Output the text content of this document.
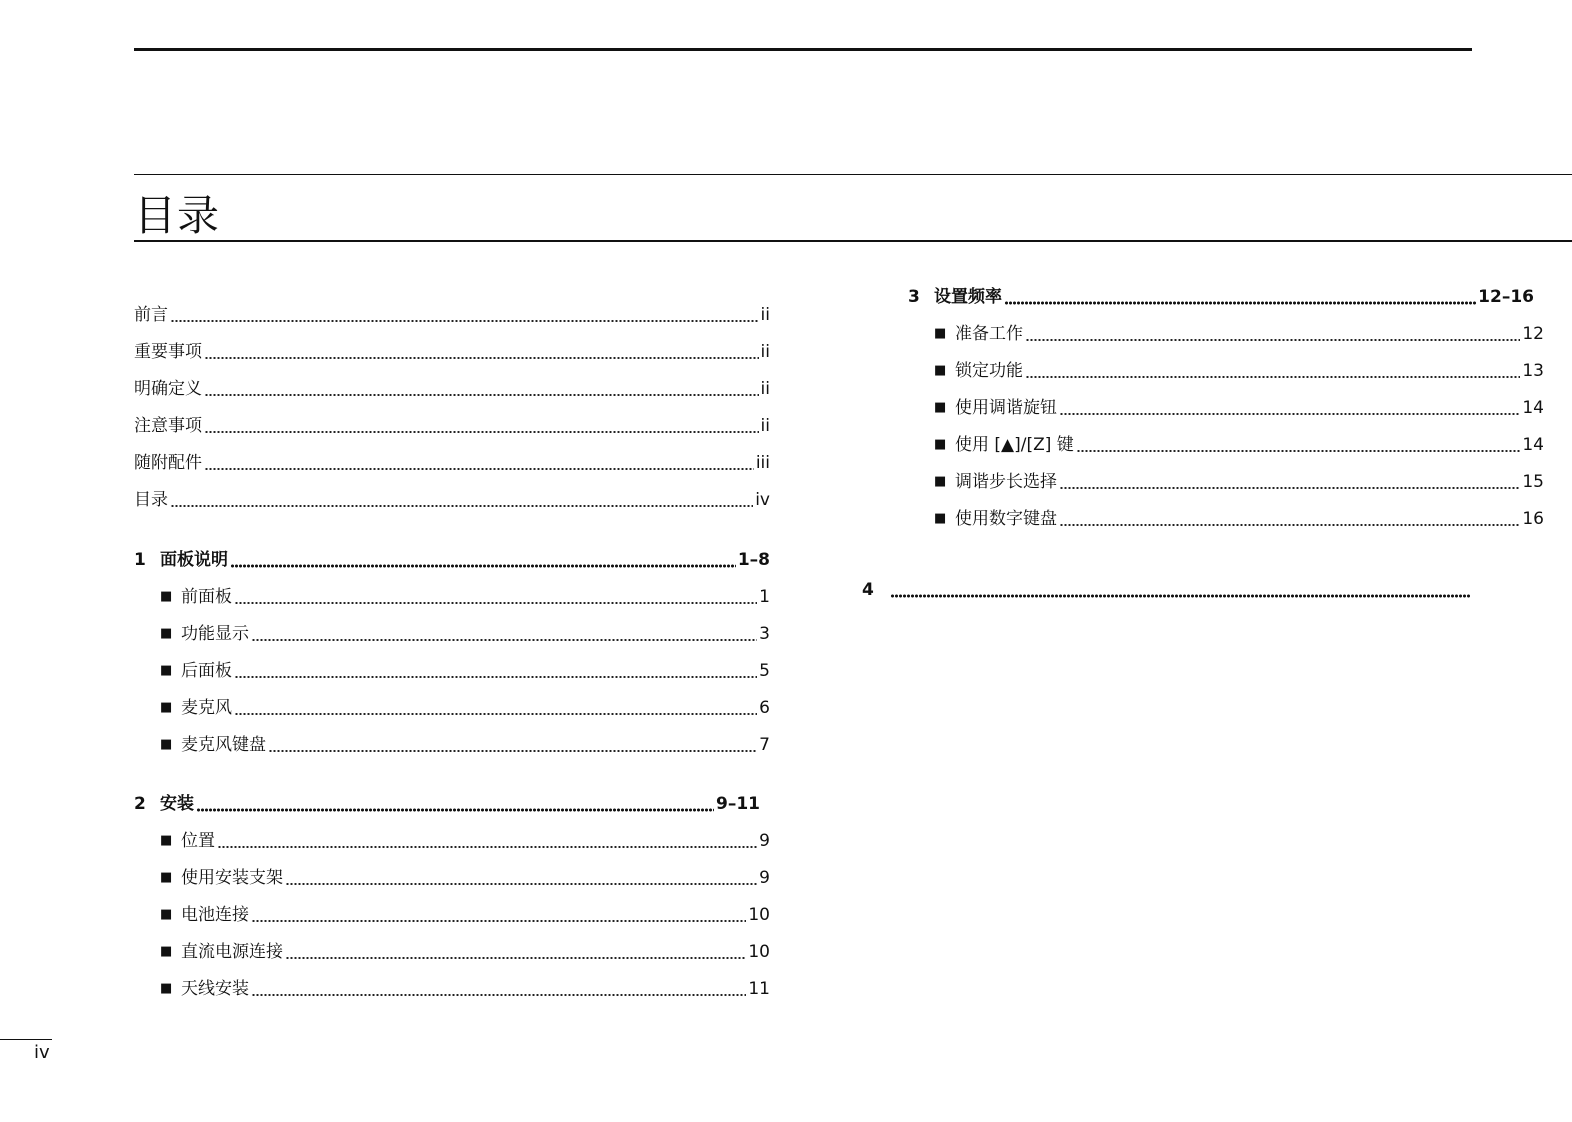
目录
前言	ii
重要事项	ii
明确定义	ii
注意事项	ii
随附配件	iii
目录	iv
1 面板说明	1–8
■ 前面板	1
■ 功能显示	3
■ 后面板	5
■ 麦克风	6
■ 麦克风键盘	7
2 安装	9–11
■ 位置	9
■ 使用安装支架	9
■ 电池连接	10
■ 直流电源连接	10
■ 天线安装	11
3 设置频率	12–16
■ 准备工作	12
■ 锁定功能	13
■ 使用调谐旋钮	14
■ 使用 [▲]/[Z] 键	14
■ 调谐步长选择	15
■ 使用数字键盘	16
4
iv
